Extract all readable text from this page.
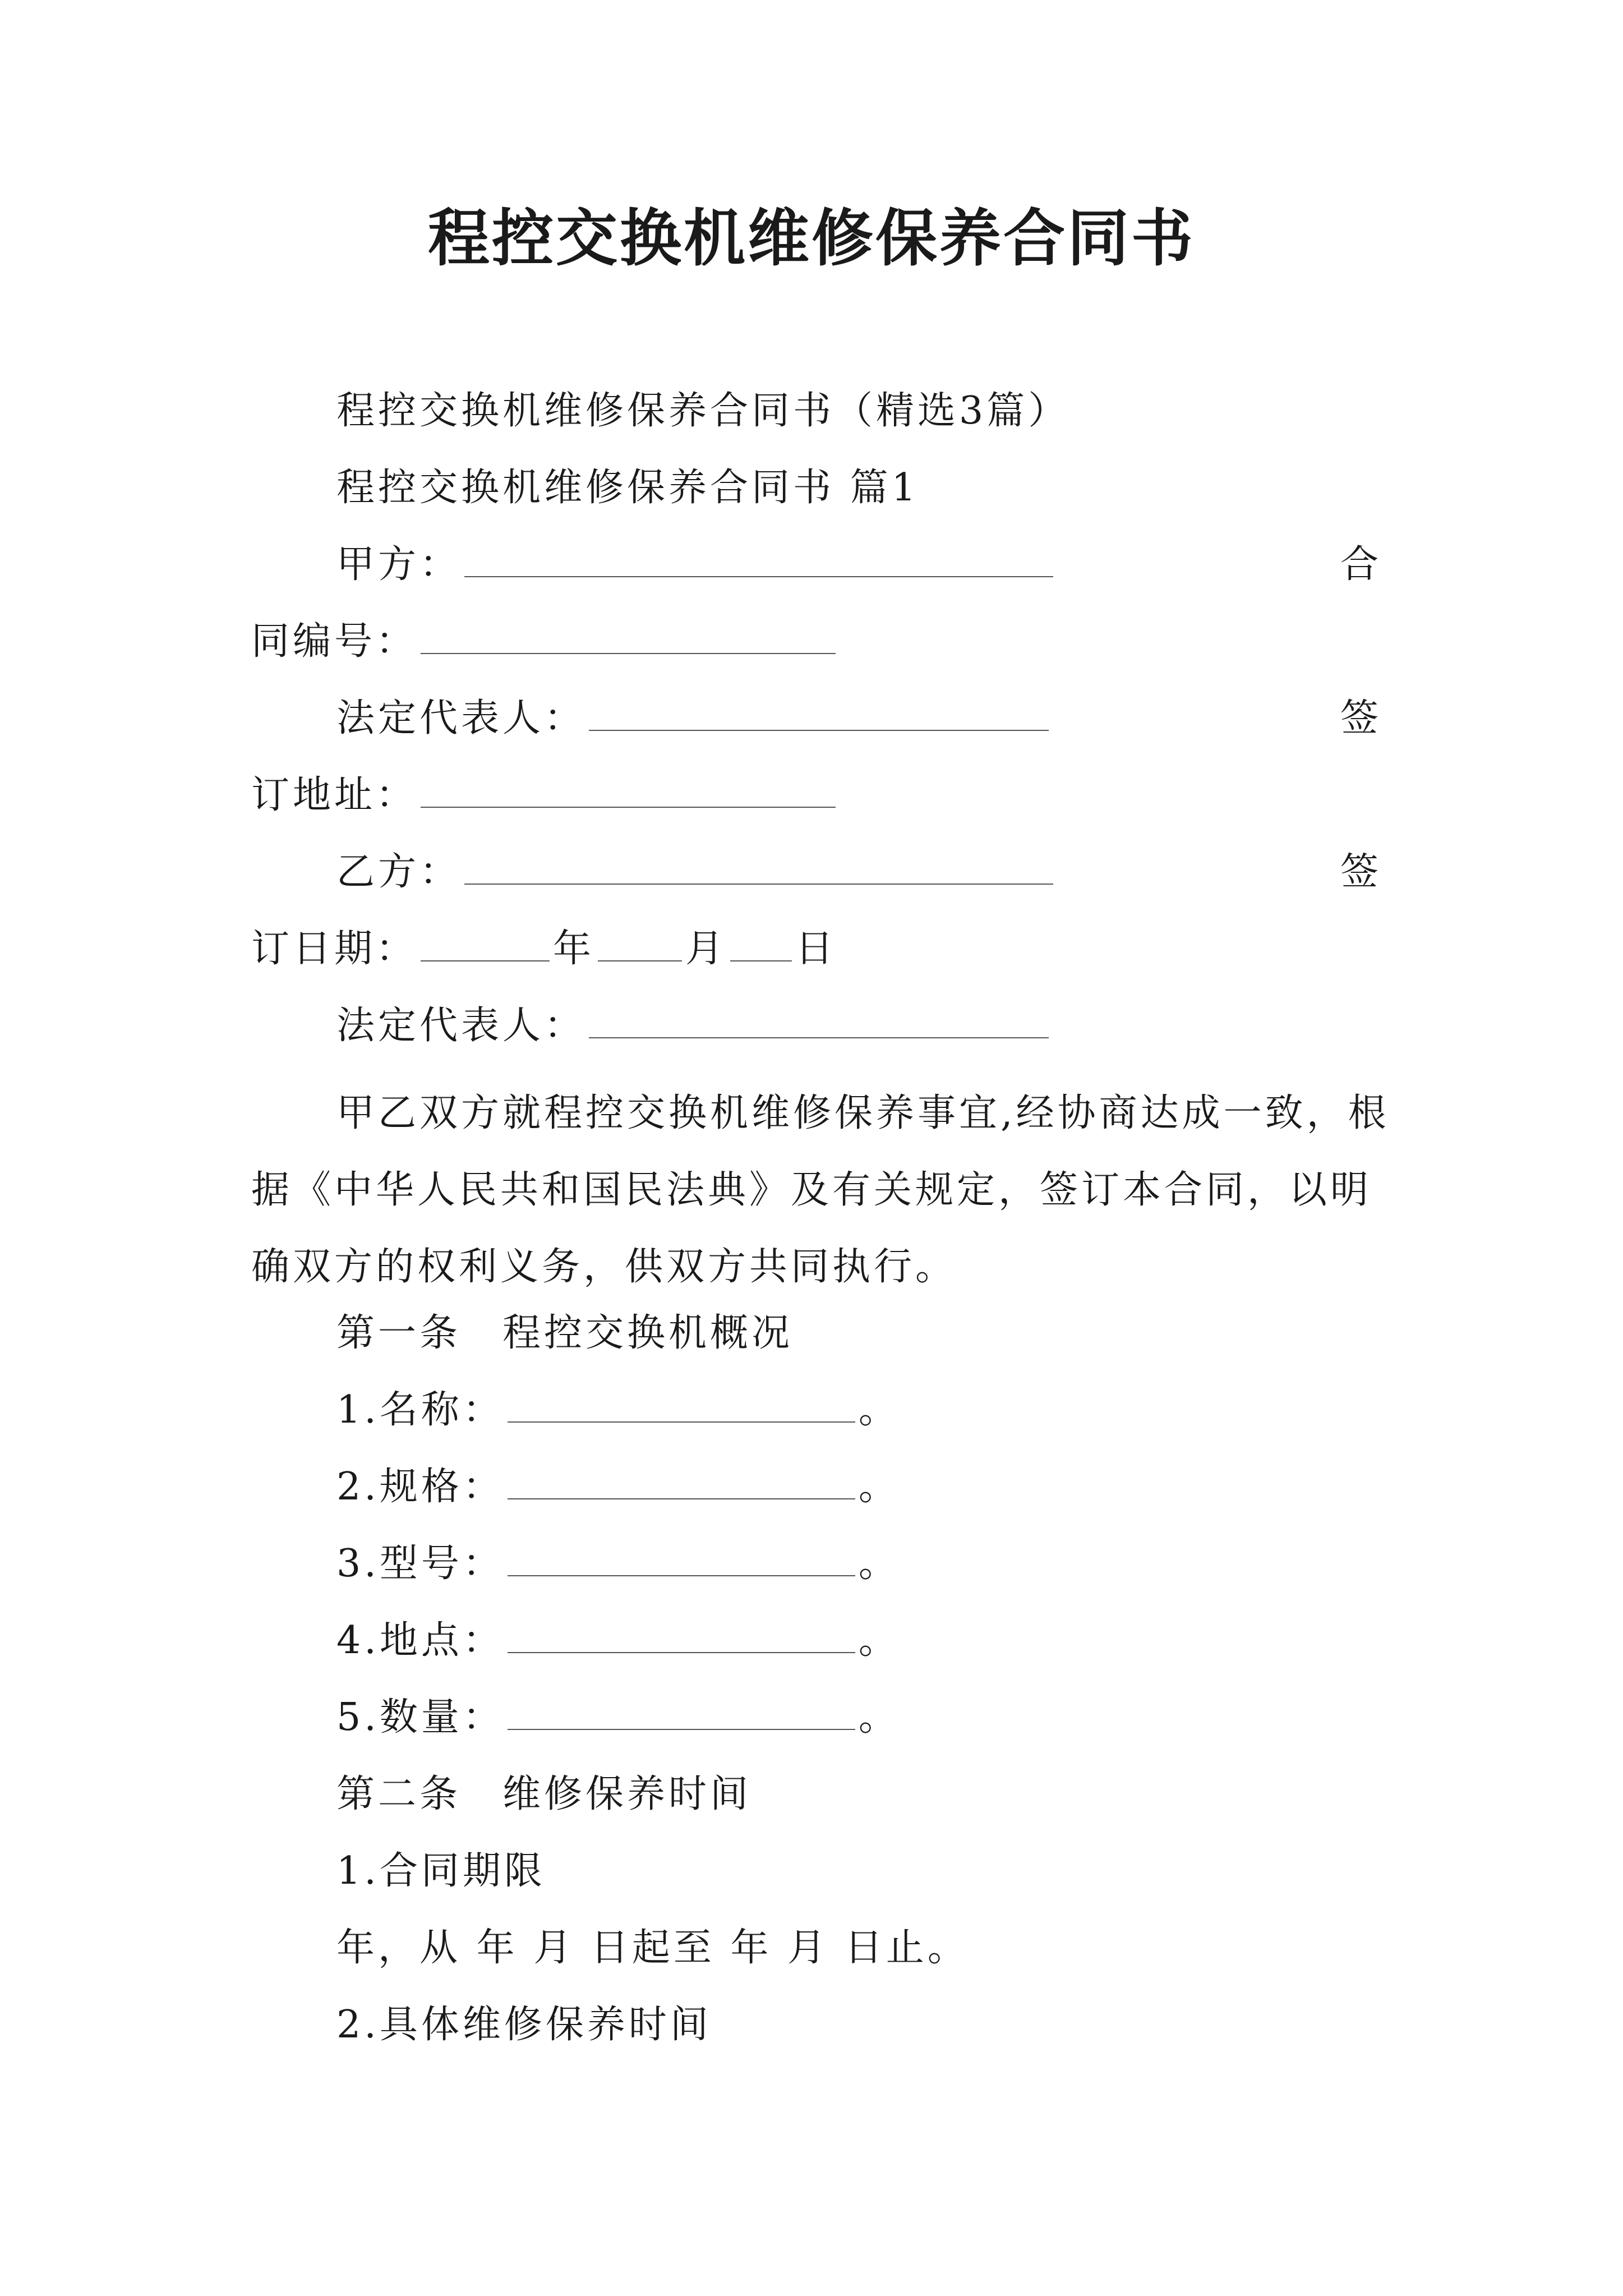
程控交换机维修保养合同书
程控交换机维修保养合同书（精选3篇）
程控交换机维修保养合同书 篇1
甲方：	合
同编号：
法定代表人：	签
订地址：
乙方：	签
订日期：	年 月 日
法定代表人：
甲乙双方就程控交换机维修保养事宜,经协商达成一致，根据《中华人民共和国民法典》及有关规定，签订本合同，以明确双方的权利义务，供双方共同执行。
第一条　程控交换机概况
1.名称：	。
2.规格：	。
3.型号：	。
4.地点：	。
5.数量：	。
第二条　维修保养时间
1.合同期限
年，从 年 月 日起至 年 月 日止。
2.具体维修保养时间
